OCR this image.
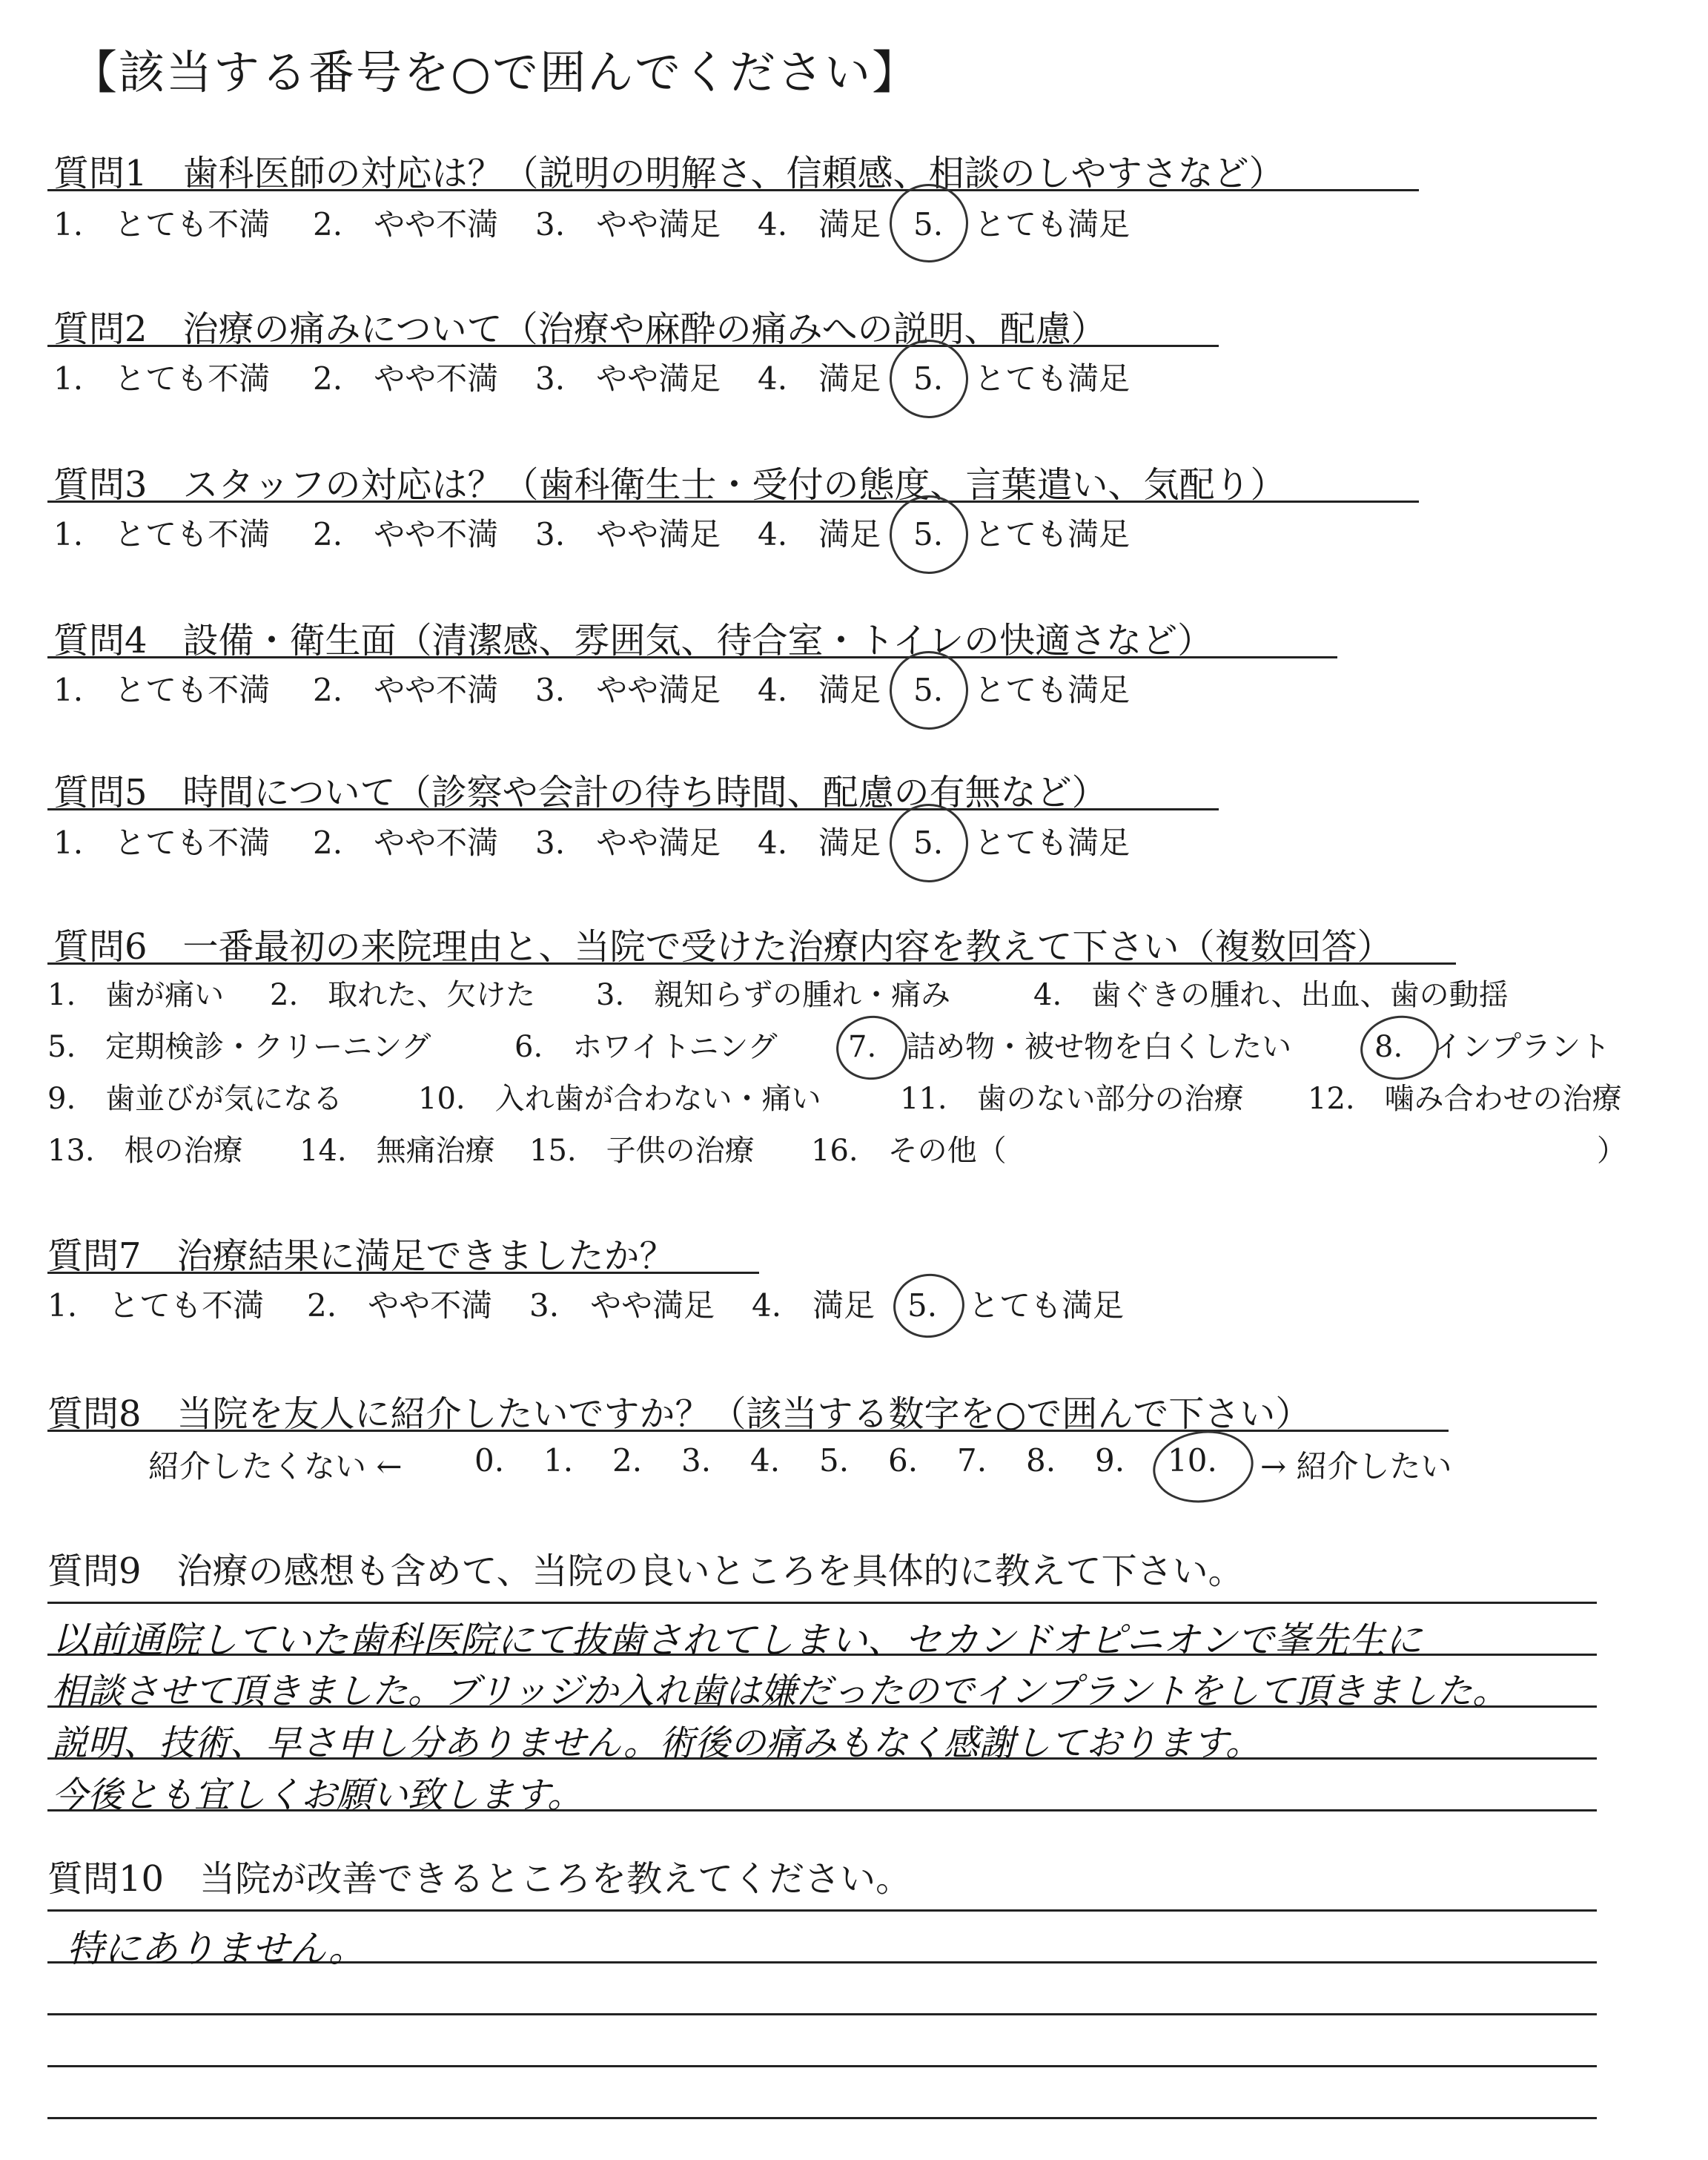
【該当する番号を○で囲んでください】
質問1　歯科医師の対応は？（説明の明解さ、信頼感、相談のしやすさなど）
1.　とても不満 2.　やや不満 3.　やや満足 4.　満足 5.　とても満足
質問2　治療の痛みについて（治療や麻酔の痛みへの説明、配慮）
1.　とても不満 2.　やや不満 3.　やや満足 4.　満足 5.　とても満足
質問3　スタッフの対応は？（歯科衛生士・受付の態度、言葉遣い、気配り）
1.　とても不満 2.　やや不満 3.　やや満足 4.　満足 5.　とても満足
質問4　設備・衛生面（清潔感、雰囲気、待合室・トイレの快適さなど）
1.　とても不満 2.　やや不満 3.　やや満足 4.　満足 5.　とても満足
質問5　時間について（診察や会計の待ち時間、配慮の有無など）
1.　とても不満 2.　やや不満 3.　やや満足 4.　満足 5.　とても満足
質問6　一番最初の来院理由と、当院で受けた治療内容を教えて下さい（複数回答）
1.　歯が痛い 2.　取れた、欠けた 3.　親知らずの腫れ・痛み	4.　歯ぐきの腫れ、出血、歯の動揺
5.　定期検診・クリーニング	6.　ホワイトニング 7.　詰め物・被せ物を白くしたい	8.　インプラント
9.　歯並びが気になる	10.　入れ歯が合わない・痛い	11.　歯のない部分の治療 12.　噛み合わせの治療
13.　根の治療 14.　無痛治療 15.　子供の治療 16.　その他（	）
質問7　治療結果に満足できましたか？
1.　とても不満 2.　やや不満 3.　やや満足 4.　満足 5.　とても満足
質問8　当院を友人に紹介したいですか？（該当する数字を○で囲んで下さい）
紹介したくない ← 0. 1. 2. 3. 4. 5. 6. 7. 8. 9. 10. → 紹介したい
質問9　治療の感想も含めて、当院の良いところを具体的に教えて下さい。
以前通院していた歯科医院にて抜歯されてしまい、セカンドオピニオンで峯先生に
相談させて頂きました。ブリッジか入れ歯は嫌だったのでインプラントをして頂きました。
説明、技術、早さ申し分ありません。術後の痛みもなく感謝しております。
今後とも宜しくお願い致します。
質問10　当院が改善できるところを教えてください。
特にありません。
